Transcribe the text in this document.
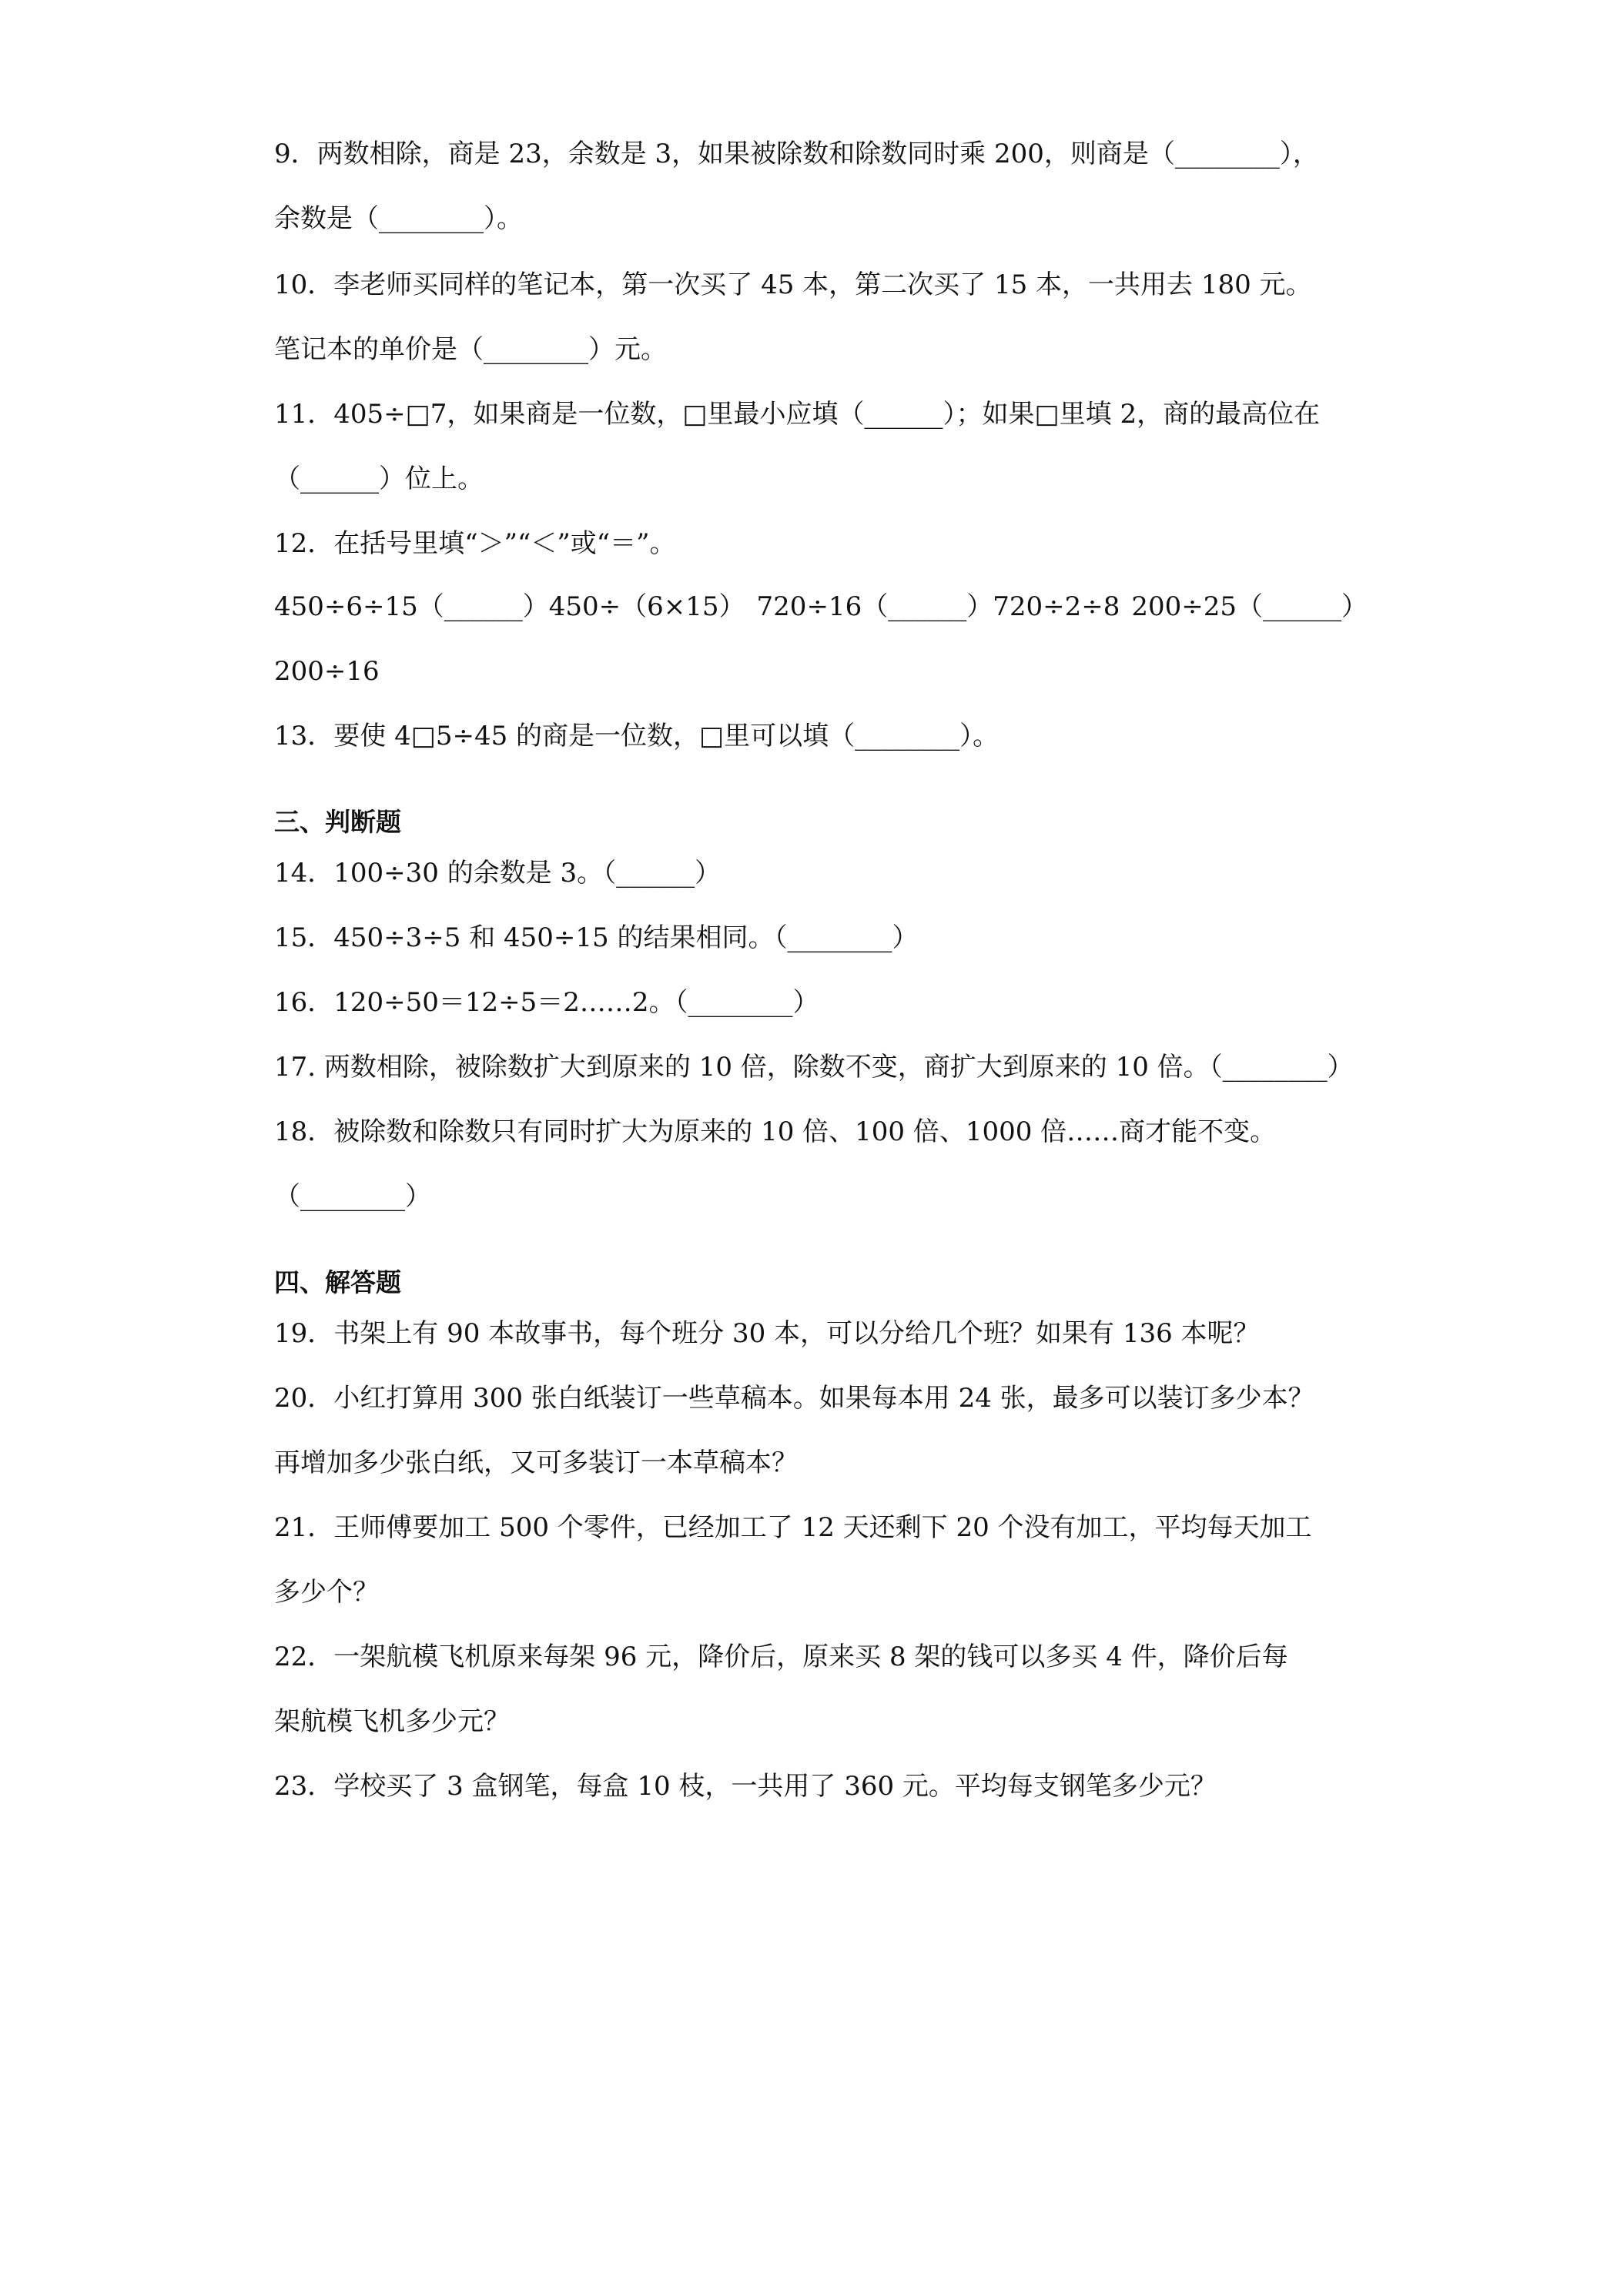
9．两数相除，商是 23，余数是 3，如果被除数和除数同时乘 200，则商是（________），
余数是（________）。
10．李老师买同样的笔记本，第一次买了 45 本，第二次买了 15 本，一共用去 180 元。
笔记本的单价是（________）元。
11．405÷□7，如果商是一位数，□里最小应填（______）；如果□里填 2，商的最高位在
（______）位上。
12．在括号里填“＞”“＜”或“＝”。
450÷6÷15（______）450÷（6×15） 720÷16（______）720÷2÷8 200÷25（______）
200÷16
13．要使 4□5÷45 的商是一位数，□里可以填（________）。
三、判断题
14．100÷30 的余数是 3。（______）
15．450÷3÷5 和 450÷15 的结果相同。（________）
16．120÷50＝12÷5＝2……2。（________）
17. 两数相除，被除数扩大到原来的 10 倍，除数不变，商扩大到原来的 10 倍。（________）
18．被除数和除数只有同时扩大为原来的 10 倍、100 倍、1000 倍……商才能不变。
（________）
四、解答题
19．书架上有 90 本故事书，每个班分 30 本，可以分给几个班？如果有 136 本呢？
20．小红打算用 300 张白纸装订一些草稿本。如果每本用 24 张，最多可以装订多少本？
再增加多少张白纸，又可多装订一本草稿本？
21．王师傅要加工 500 个零件，已经加工了 12 天还剩下 20 个没有加工，平均每天加工
多少个？
22．一架航模飞机原来每架 96 元，降价后，原来买 8 架的钱可以多买 4 件，降价后每
架航模飞机多少元？
23．学校买了 3 盒钢笔，每盒 10 枝，一共用了 360 元。平均每支钢笔多少元？
